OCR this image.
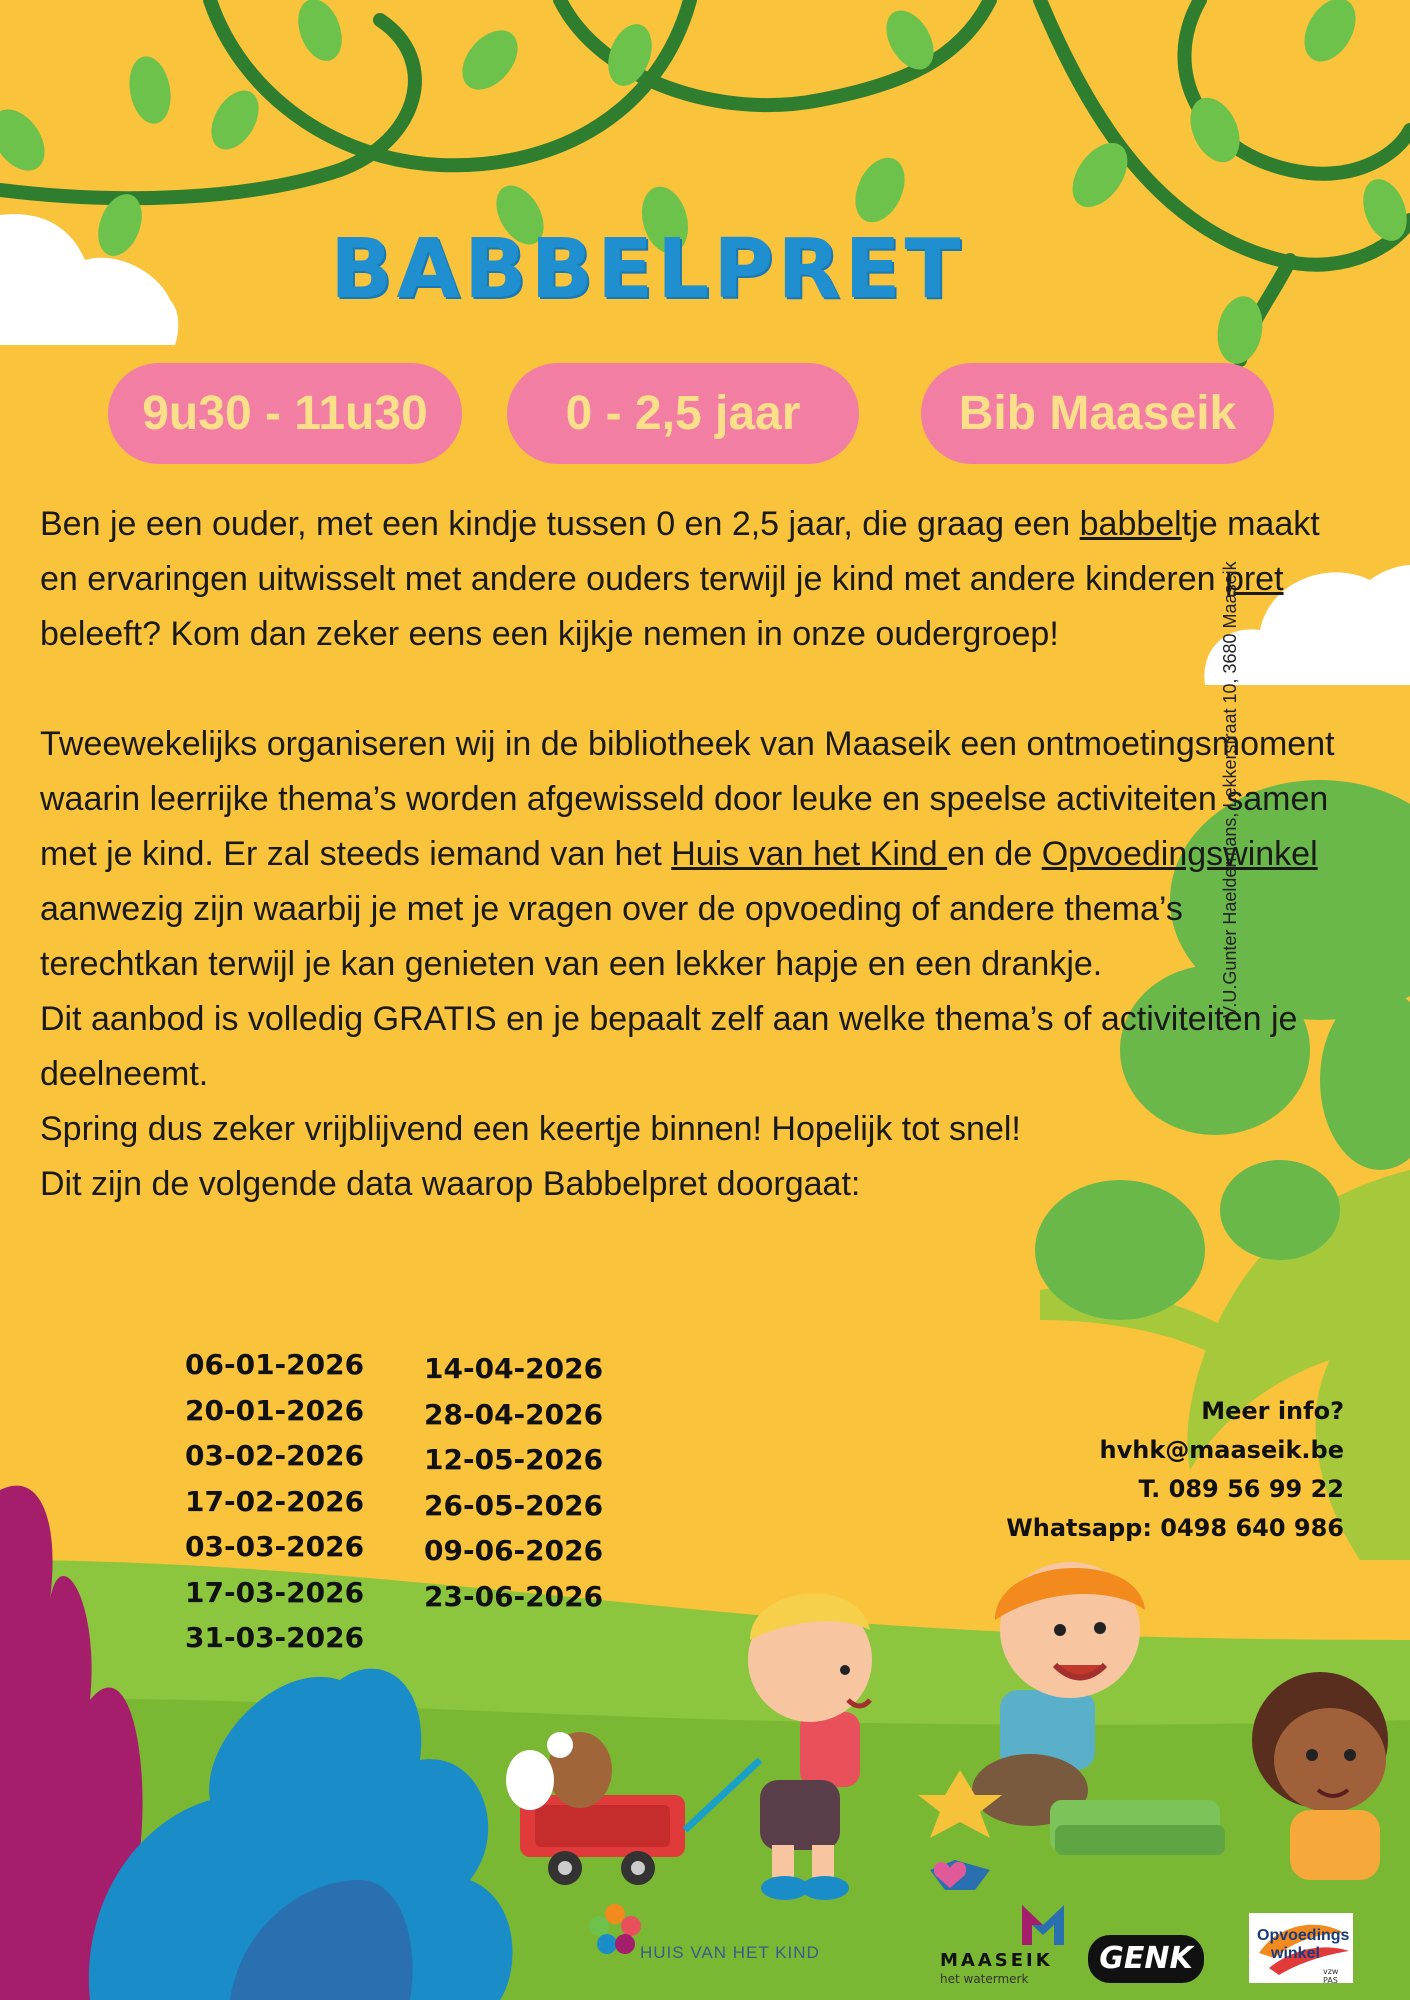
BABBELPRET
9u30 - 11u30	0 - 2,5 jaar	Bib Maaseik

Ben je een ouder, met een kindje tussen 0 en 2,5 jaar, die graag een babbeltje maakt en ervaringen uitwisselt met andere ouders terwijl je kind met andere kinderen pret beleeft? Kom dan zeker eens een kijkje nemen in onze oudergroep!

Tweewekelijks organiseren wij in de bibliotheek van Maaseik een ontmoetingsmoment waarin leerrijke thema’s worden afgewisseld door leuke en speelse activiteiten samen met je kind. Er zal steeds iemand van het Huis van het Kind en de Opvoedingswinkel aanwezig zijn waarbij je met je vragen over de opvoeding of andere thema’s terechtkan terwijl je kan genieten van een lekker hapje en een drankje.

Dit aanbod is volledig GRATIS en je bepaalt zelf aan welke thema’s of activiteiten je deelneemt.

Spring dus zeker vrijblijvend een keertje binnen! Hopelijk tot snel!

Dit zijn de volgende data waarop Babbelpret doorgaat:

06-01-2026
20-01-2026
03-02-2026
17-02-2026
03-03-2026
17-03-2026
31-03-2026
14-04-2026
28-04-2026
12-05-2026
26-05-2026
09-06-2026
23-06-2026
Meer info?
hvhk@maaseik.be
T. 089 56 99 22
Whatsapp: 0498 640 986
V.U.Gunter Haeldermans, Lekkerstraat 10, 3680 Maaseik
HUIS VAN HET KIND	MAASEIK
het watermerk
GENK
Opvoedings
winkel
vzw PAS
